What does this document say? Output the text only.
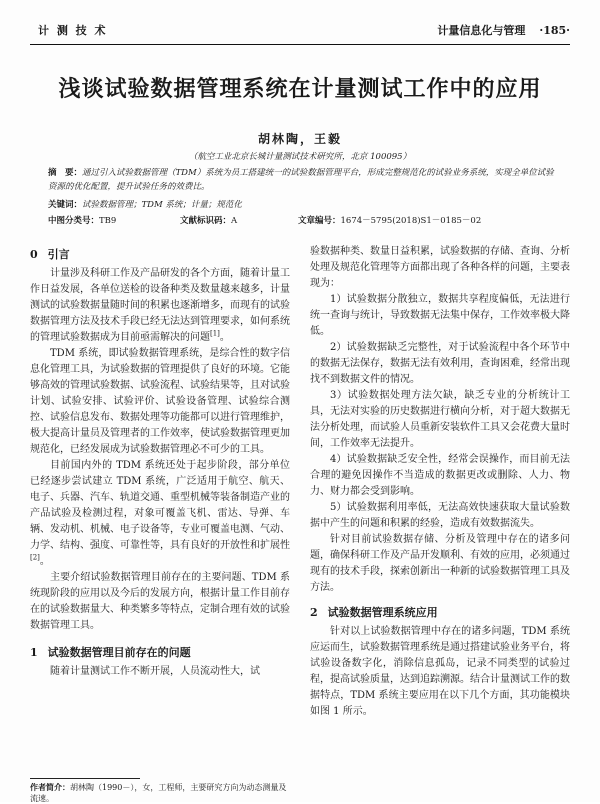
计 测 技 术	计量信息化与管理 ·185·
浅谈试验数据管理系统在计量测试工作中的应用
胡林陶，王毅
（航空工业北京长城计量测试技术研究所，北京 100095）
摘　要：通过引入试验数据管理（TDM）系统为员工搭建统一的试验数据管理平台，形成完整规范化的试验业务系统，实现全单位试验资源的优化配置，提升试验任务的效费比。
关键词：试验数据管理；TDM 系统；计量；规范化
中图分类号：TB9	文献标识码：A	文章编号：1674－5795(2018)S1－0185－02
0 引言

计量涉及科研工作及产品研发的各个方面，随着计量工作日益发展，各单位送检的设备种类及数量越来越多，计量测试的试验数据量随时间的积累也逐渐增多，而现有的试验数据管理方法及技术手段已经无法达到管理要求，如何系统的管理试验数据成为目前亟需解决的问题[1]。

TDM 系统，即试验数据管理系统，是综合性的数字信息化管理工具，为试验数据的管理提供了良好的环境。它能够高效的管理试验数据、试验流程、试验结果等，且对试验计划、试验安排、试验评价、试验设备管理、试验综合测控、试验信息发布、数据处理等功能都可以进行管理维护，极大提高计量员及管理者的工作效率，使试验数据管理更加规范化，已经发展成为试验数据管理必不可少的工具。

目前国内外的 TDM 系统还处于起步阶段，部分单位已经逐步尝试建立 TDM 系统，广泛适用于航空、航天、电子、兵器、汽车、轨道交通、重型机械等装备制造产业的产品试验及检测过程，对象可覆盖飞机、雷达、导弹、车辆、发动机、机械、电子设备等，专业可覆盖电测、气动、力学、结构、强度、可靠性等，具有良好的开放性和扩展性[2]。

主要介绍试验数据管理目前存在的主要问题、TDM 系统现阶段的应用以及今后的发展方向，根据计量工作目前存在的试验数据量大、种类繁多等特点，定制合理有效的试验数据管理工具。

1 试验数据管理目前存在的问题

随着计量测试工作不断开展，人员流动性大，试

验数据种类、数量日益积累，试验数据的存储、查询、分析处理及规范化管理等方面都出现了各种各样的问题，主要表现为：

1）试验数据分散独立，数据共享程度偏低，无法进行统一查询与统计，导致数据无法集中保存，工作效率极大降低。

2）试验数据缺乏完整性，对于试验流程中各个环节中的数据无法保存，数据无法有效利用，查询困难，经常出现找不到数据文件的情况。

3）试验数据处理方法欠缺，缺乏专业的分析统计工具，无法对实验的历史数据进行横向分析，对于超大数据无法分析处理，而试验人员重新安装软件工具又会花费大量时间，工作效率无法提升。

4）试验数据缺乏安全性，经常会误操作，而目前无法合理的避免因操作不当造成的数据更改或删除、人力、物力、财力都会受到影响。

5）试验数据利用率低，无法高效快速获取大量试验数据中产生的问题和积累的经验，造成有效数据流失。

针对目前试验数据存储、分析及管理中存在的诸多问题，确保科研工作及产品开发顺利、有效的应用，必须通过现有的技术手段，探索创新出一种新的试验数据管理工具及方法。

2 试验数据管理系统应用

针对以上试验数据管理中存在的诸多问题，TDM 系统应运而生，试验数据管理系统是通过搭建试验业务平台，将试验设备数字化，消除信息孤岛，记录不同类型的试验过程，提高试验质量，达到追踪溯源。结合计量测试工作的数据特点，TDM 系统主要应用在以下几个方面，其功能模块如图 1 所示。

作者简介：胡林陶（1990－），女，工程师，主要研究方向为动态测量及流速。
